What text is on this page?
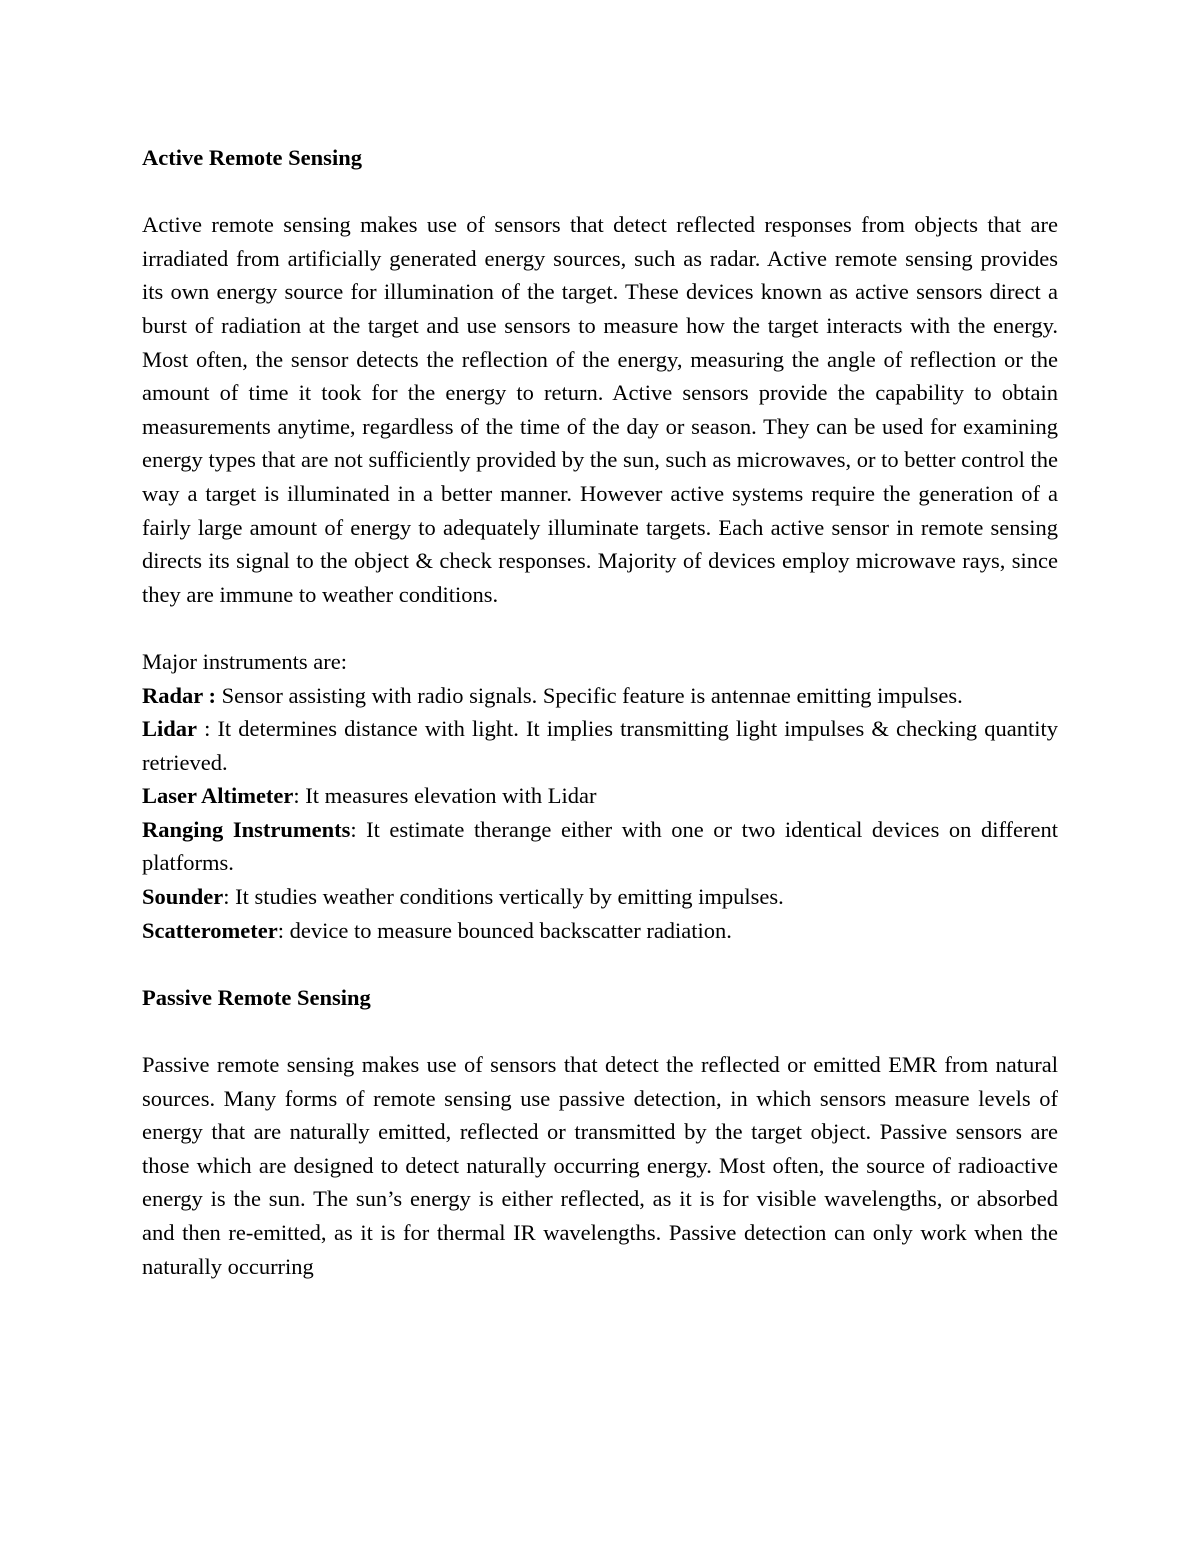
Active Remote Sensing

Active remote sensing makes use of sensors that detect reflected responses from objects that are irradiated from artificially generated energy sources, such as radar. Active remote sensing provides its own energy source for illumination of the target. These devices known as active sensors direct a burst of radiation at the target and use sensors to measure how the target interacts with the energy. Most often, the sensor detects the reflection of the energy, measuring the angle of reflection or the amount of time it took for the energy to return. Active sensors provide the capability to obtain measurements anytime, regardless of the time of the day or season. They can be used for examining energy types that are not sufficiently provided by the sun, such as microwaves, or to better control the way a target is illuminated in a better manner. However active systems require the generation of a fairly large amount of energy to adequately illuminate targets. Each active sensor in remote sensing directs its signal to the object & check responses. Majority of devices employ microwave rays, since they are immune to weather conditions.

Major instruments are:

Radar : Sensor assisting with radio signals. Specific feature is antennae emitting impulses.

Lidar : It determines distance with light. It implies transmitting light impulses & checking quantity retrieved.

Laser Altimeter: It measures elevation with Lidar

Ranging Instruments: It estimate therange either with one or two identical devices on different platforms.

Sounder: It studies weather conditions vertically by emitting impulses.

Scatterometer: device to measure bounced backscatter radiation.

Passive Remote Sensing

Passive remote sensing makes use of sensors that detect the reflected or emitted EMR from natural sources. Many forms of remote sensing use passive detection, in which sensors measure levels of energy that are naturally emitted, reflected or transmitted by the target object. Passive sensors are those which are designed to detect naturally occurring energy. Most often, the source of radioactive energy is the sun. The sun’s energy is either reflected, as it is for visible wavelengths, or absorbed and then re-emitted, as it is for thermal IR wavelengths. Passive detection can only work when the naturally occurring
